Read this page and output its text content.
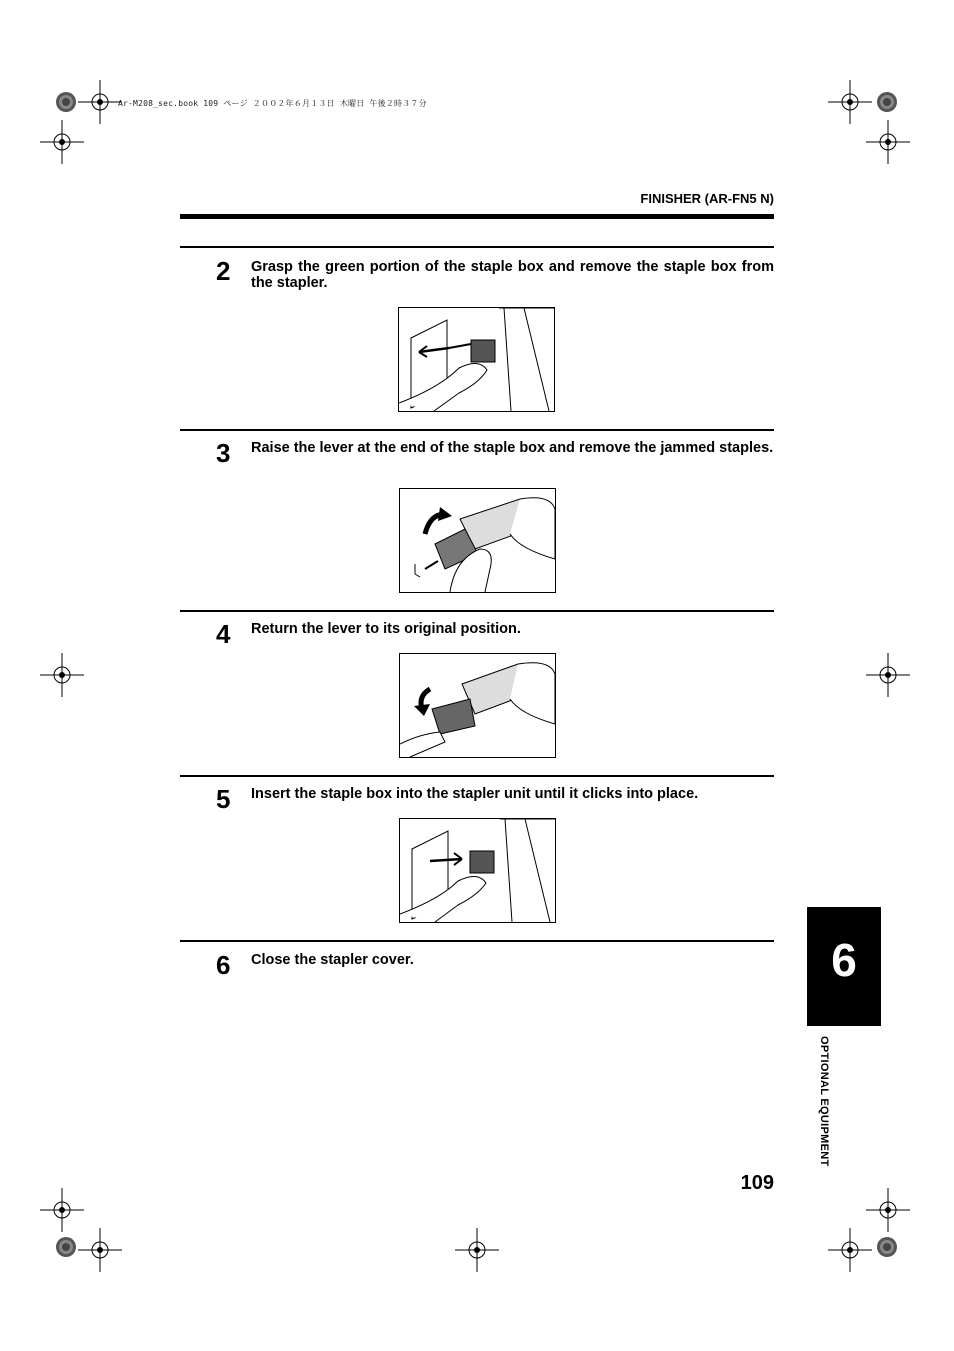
Ar-M208_sec.book 109 ページ ２００２年６月１３日 木曜日 午後２時３７分
FINISHER (AR-FN5 N)
2 Grasp the green portion of the staple box and remove the staple box from the stapler.
3 Raise the lever at the end of the staple box and remove the jammed staples.
4 Return the lever to its original position.
5 Insert the staple box into the stapler unit until it clicks into place.
6 Close the stapler cover.	6
OPTIONAL EQUIPMENT
109
